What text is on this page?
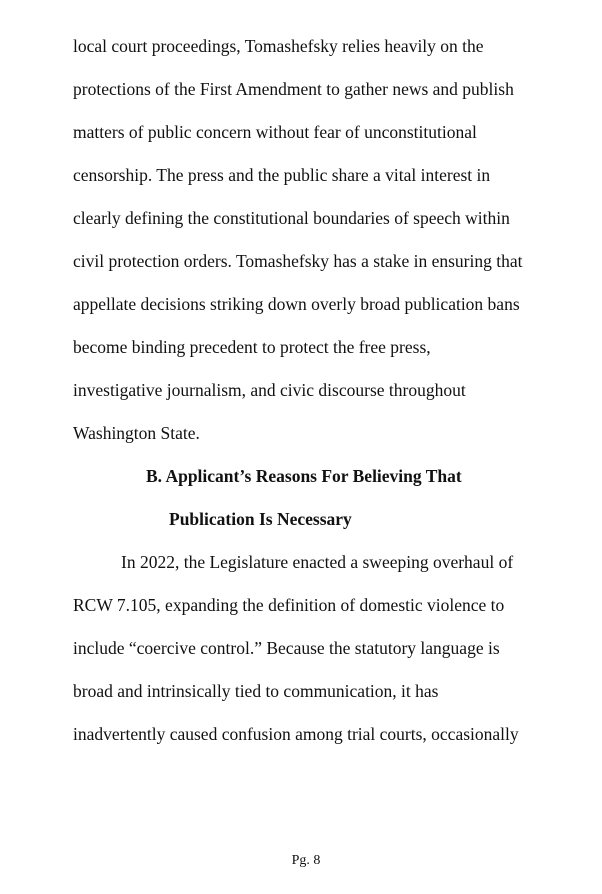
local court proceedings, Tomashefsky relies heavily on the

protections of the First Amendment to gather news and publish

matters of public concern without fear of unconstitutional

censorship. The press and the public share a vital interest in

clearly defining the constitutional boundaries of speech within

civil protection orders. Tomashefsky has a stake in ensuring that

appellate decisions striking down overly broad publication bans

become binding precedent to protect the free press,

investigative journalism, and civic discourse throughout

Washington State.

B. Applicant’s Reasons For Believing That

Publication Is Necessary

In 2022, the Legislature enacted a sweeping overhaul of

RCW 7.105, expanding the definition of domestic violence to

include “coercive control.” Because the statutory language is

broad and intrinsically tied to communication, it has

inadvertently caused confusion among trial courts, occasionally

Pg. 8
